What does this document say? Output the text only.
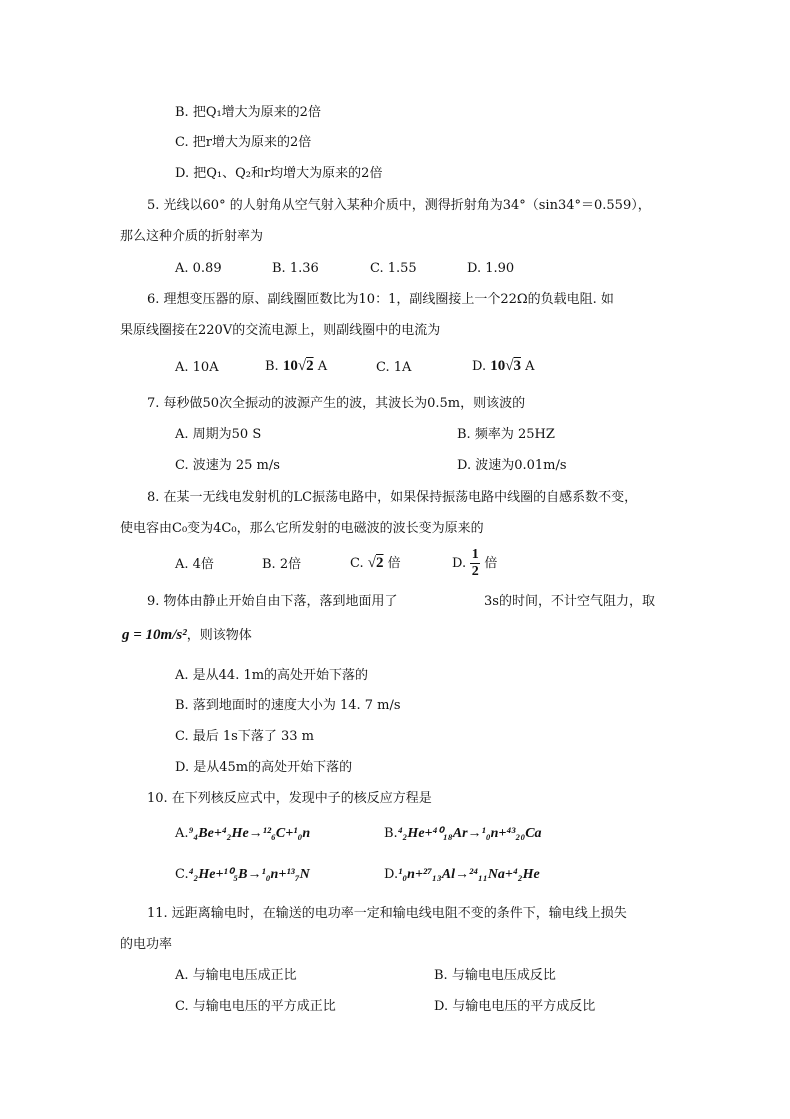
B. 把Q₁增大为原来的2倍
C. 把r增大为原来的2倍
D. 把Q₁、Q₂和r均增大为原来的2倍
5. 光线以60° 的人射角从空气射入某种介质中，测得折射角为34°（sin34°＝0.559），
那么这种介质的折射率为
A. 0.89	B. 1.36	C. 1.55	D. 1.90
6. 理想变压器的原、副线圈匝数比为10：1，副线圈接上一个22Ω的负载电阻. 如
果原线圈接在220V的交流电源上，则副线圈中的电流为
A. 10A	B. 10√2 A	C. 1A	D. 10√3 A
7. 每秒做50次全振动的波源产生的波，其波长为0.5m，则该波的
A. 周期为50 S	B. 频率为 25HZ
C. 波速为 25 m/s	D. 波速为0.01m/s
8. 在某一无线电发射机的LC振荡电路中，如果保持振荡电路中线圈的自感系数不变，
使电容由C₀变为4C₀，那么它所发射的电磁波的波长变为原来的
A. 4倍	B. 2倍	C. √2 倍	D. $\frac{1}{2}$ 倍
9. 物体由静止开始自由下落，落到地面用了	3s的时间，不计空气阻力，取
g = 10m/s²，则该物体
A. 是从44. 1m的高处开始下落的
B. 落到地面时的速度大小为 14. 7 m/s
C. 最后 1s下落了 33 m
D. 是从45m的高处开始下落的
10. 在下列核反应式中，发现中子的核反应方程是
A.⁹₄Be+⁴₂He→¹²₆C+¹₀n	B.⁴₂He+⁴⁰₁₈Ar→¹₀n+⁴³₂₀Ca
C.⁴₂He+¹⁰₅B→¹₀n+¹³₇N	D.¹₀n+²⁷₁₃Al→²⁴₁₁Na+⁴₂He
11. 远距离输电时，在输送的电功率一定和输电线电阻不变的条件下，输电线上损失
的电功率
A. 与输电电压成正比	B. 与输电电压成反比
C. 与输电电压的平方成正比	D. 与输电电压的平方成反比
